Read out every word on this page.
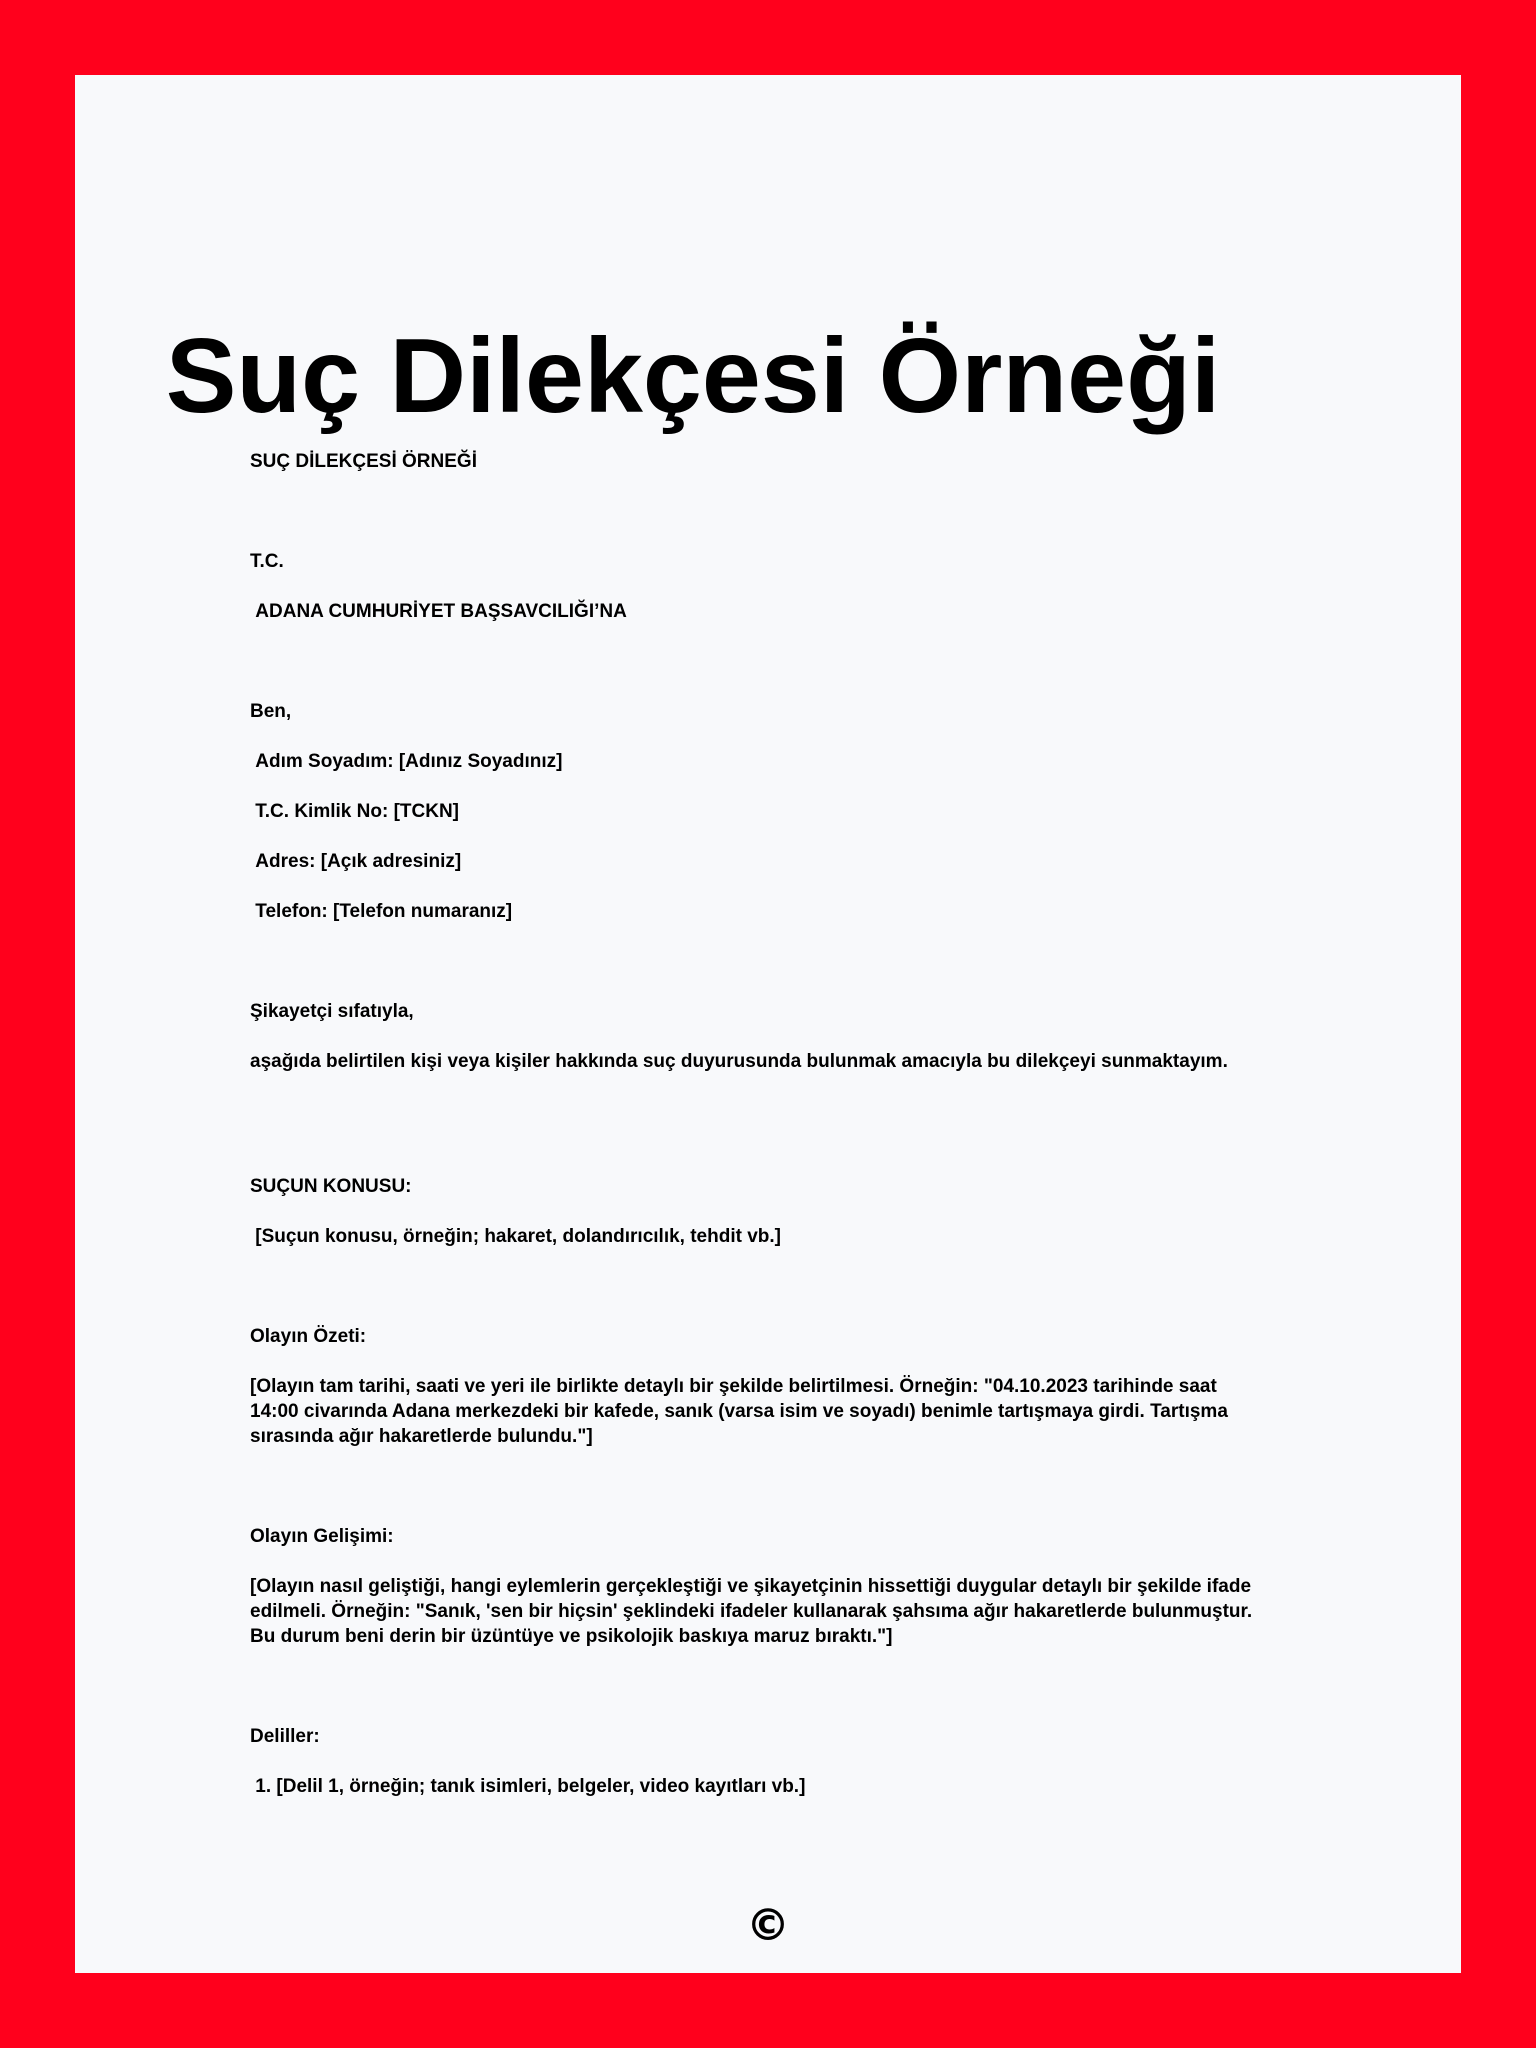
Suç Dilekçesi Örneği

SUÇ DİLEKÇESİ ÖRNEĞİ

T.C.

ADANA CUMHURİYET BAŞSAVCILIĞI’NA

Ben,

Adım Soyadım: [Adınız Soyadınız]

T.C. Kimlik No: [TCKN]

Adres: [Açık adresiniz]

Telefon: [Telefon numaranız]

Şikayetçi sıfatıyla,

aşağıda belirtilen kişi veya kişiler hakkında suç duyurusunda bulunmak amacıyla bu dilekçeyi sunmaktayım.

SUÇUN KONUSU:

[Suçun konusu, örneğin; hakaret, dolandırıcılık, tehdit vb.]

Olayın Özeti:

[Olayın tam tarihi, saati ve yeri ile birlikte detaylı bir şekilde belirtilmesi. Örneğin: "04.10.2023 tarihinde saat 14:00 civarında Adana merkezdeki bir kafede, sanık (varsa isim ve soyadı) benimle tartışmaya girdi. Tartışma sırasında ağır hakaretlerde bulundu."]

Olayın Gelişimi:

[Olayın nasıl geliştiği, hangi eylemlerin gerçekleştiği ve şikayetçinin hissettiği duygular detaylı bir şekilde ifade edilmeli. Örneğin: "Sanık, 'sen bir hiçsin' şeklindeki ifadeler kullanarak şahsıma ağır hakaretlerde bulunmuştur. Bu durum beni derin bir üzüntüye ve psikolojik baskıya maruz bıraktı."]

Deliller:

1. [Delil 1, örneğin; tanık isimleri, belgeler, video kayıtları vb.]

©
